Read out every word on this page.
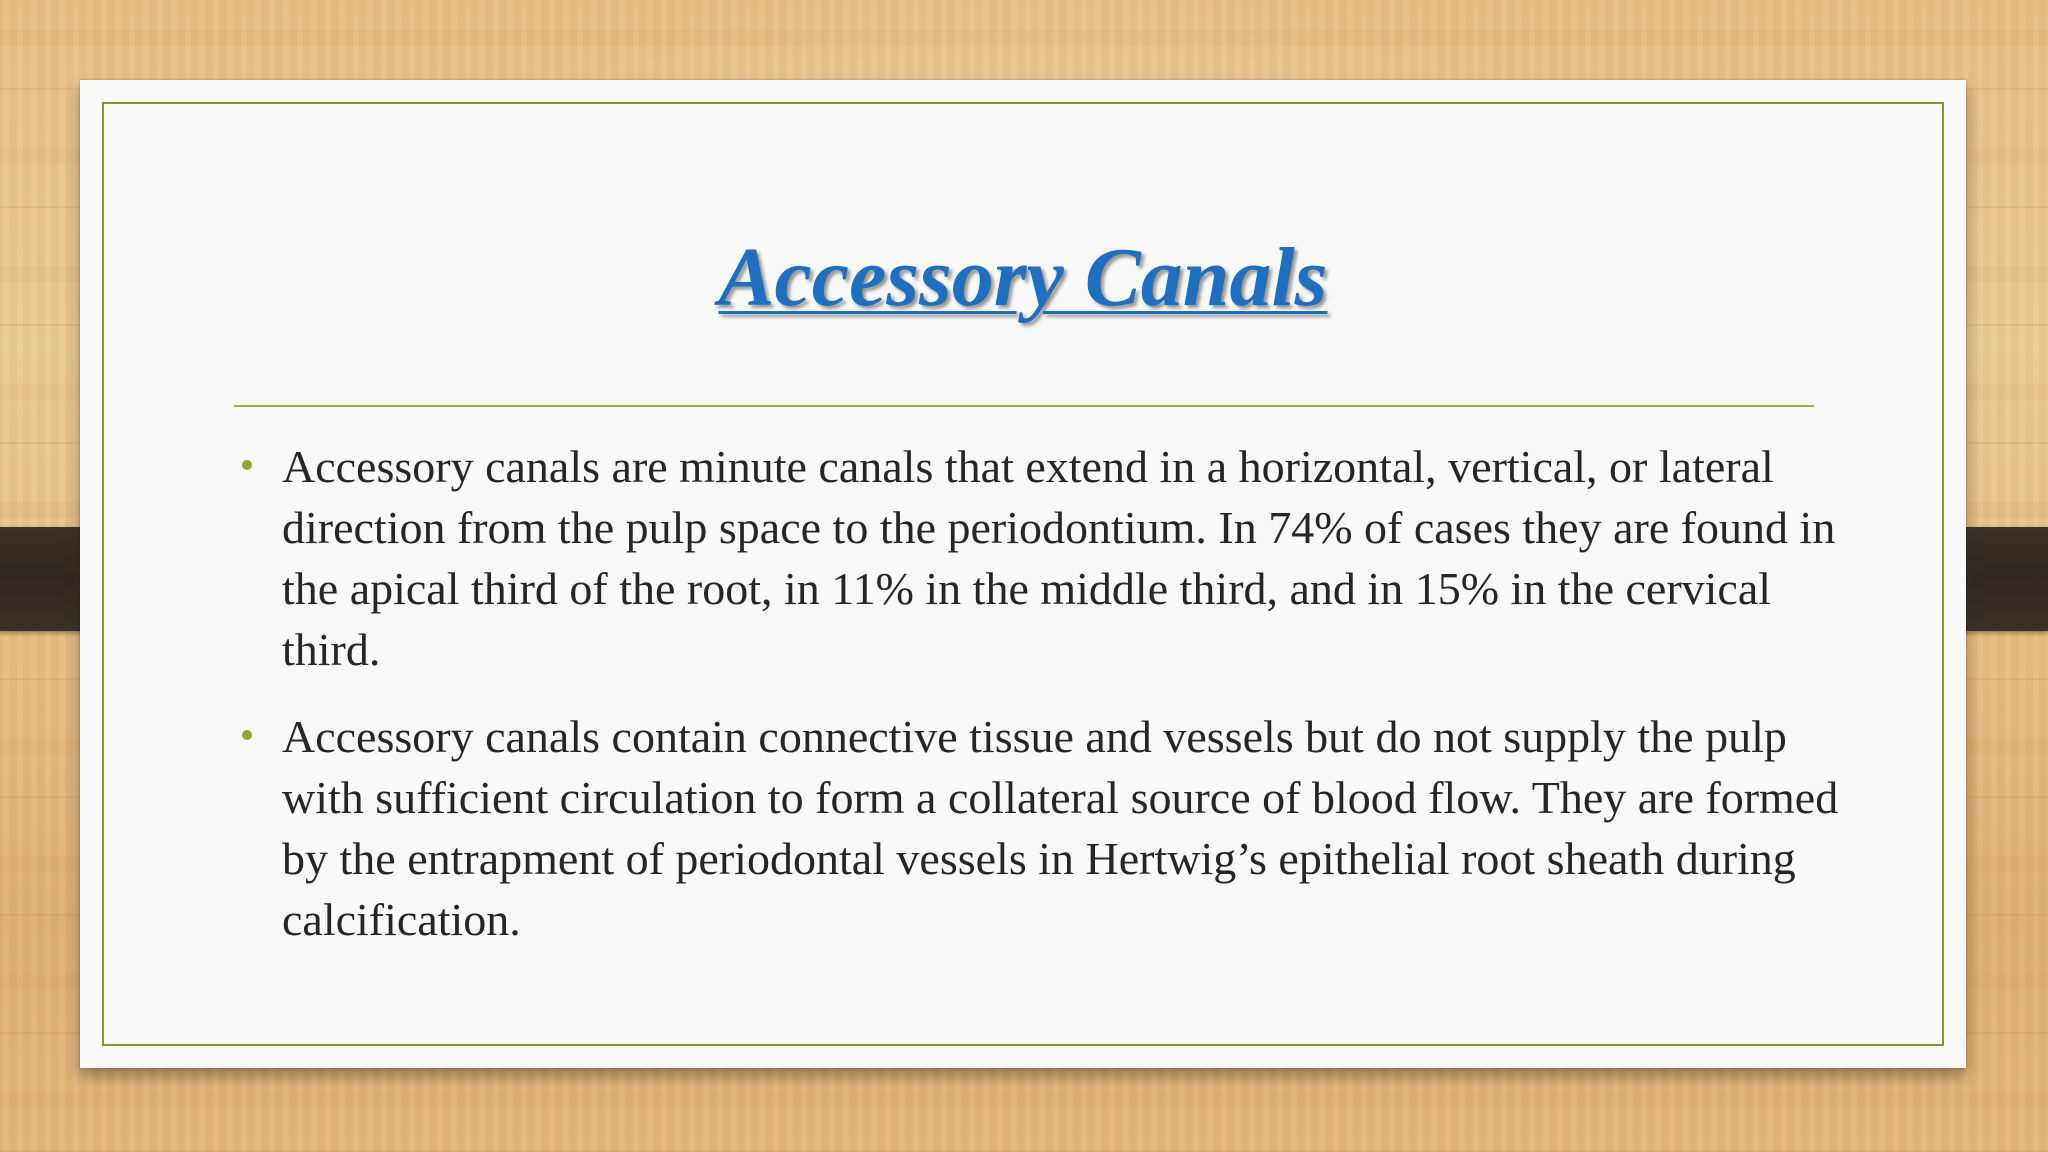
Accessory Canals
Accessory canals are minute canals that extend in a horizontal, vertical, or lateral direction from the pulp space to the periodontium. In 74% of cases they are found in the apical third of the root, in 11% in the middle third, and in 15% in the cervical third.
Accessory canals contain connective tissue and vessels but do not supply the pulp with sufficient circulation to form a collateral source of blood flow. They are formed by the entrapment of periodontal vessels in Hertwig’s epithelial root sheath during calcification.
